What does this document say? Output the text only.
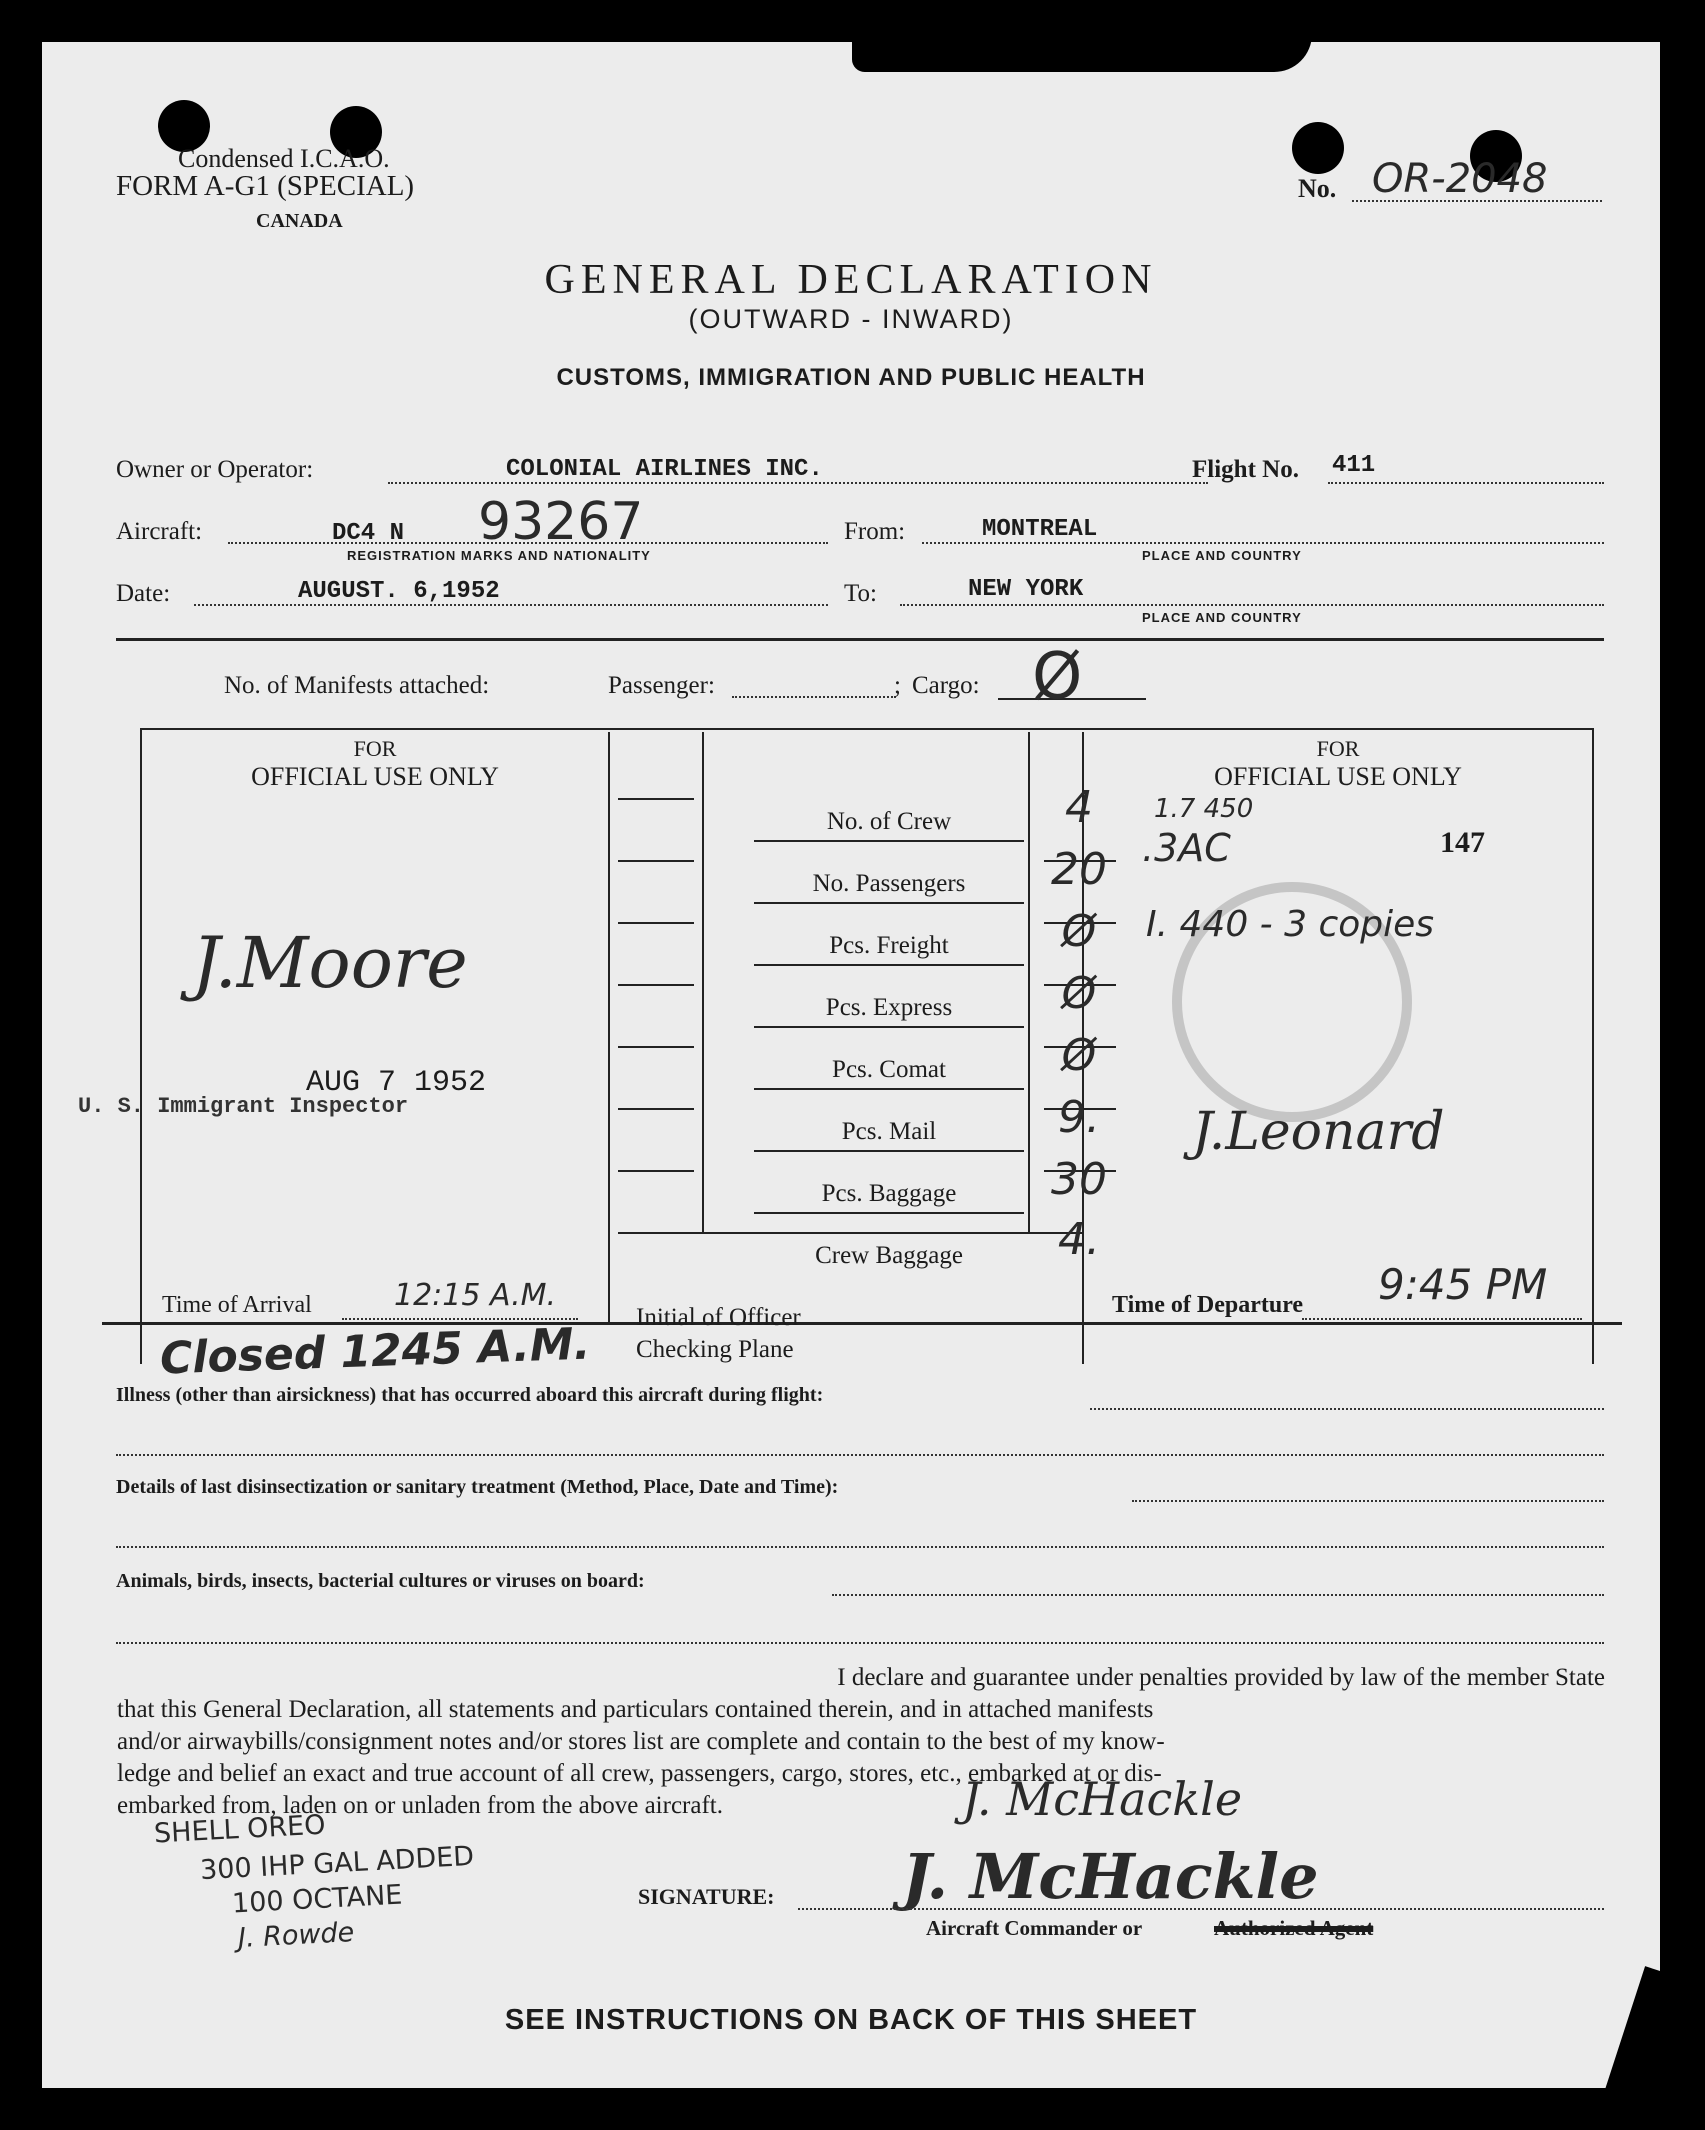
Condensed I.C.A.O.
FORM A-G1 (SPECIAL)
CANADA
No. OR-2048
GENERAL DECLARATION
(OUTWARD - INWARD)
CUSTOMS, IMMIGRATION AND PUBLIC HEALTH
Owner or Operator:	COLONIAL AIRLINES INC.	Flight No. 411
Aircraft:	DC4 N 93267
REGISTRATION MARKS AND NATIONALITY
From:	MONTREAL
PLACE AND COUNTRY
Date:	AUGUST. 6,1952	To:	NEW YORK
PLACE AND COUNTRY
No. of Manifests attached:	Passenger:	; Cargo: Ø
FOR
OFFICIAL USE ONLY
J.Moore
AUG 7 1952
U. S. Immigrant Inspector
Time of Arrival	12:15 A.M.
No. of Crew	4
No. Passengers	20
Pcs. Freight	Ø
Pcs. Express	Ø
Pcs. Comat	Ø
Pcs. Mail	9.
Pcs. Baggage	30
Crew Baggage	4.
Initial of Officer
Checking Plane
FOR
OFFICIAL USE ONLY
1.7 450
.3AC	147
I. 440 - 3 copies
J.Leonard
Time of Departure 9:45 PM
Closed 1245 A.M.
Illness (other than airsickness) that has occurred aboard this aircraft during flight:
Details of last disinsectization or sanitary treatment (Method, Place, Date and Time):
Animals, birds, insects, bacterial cultures or viruses on board:
I declare and guarantee under penalties provided by law of the member State
that this General Declaration, all statements and particulars contained therein, and in attached manifests
and/or airwaybills/consignment notes and/or stores list are complete and contain to the best of my know-
ledge and belief an exact and true account of all crew, passengers, cargo, stores, etc., embarked at or dis-
embarked from, laden on or unladen from the above aircraft.	J. McHackle
J. McHackle
SIGNATURE:
Aircraft Commander or	Authorized Agent
SHELL OREO
300 IHP GAL ADDED
100 OCTANE
J. Rowde
SEE INSTRUCTIONS ON BACK OF THIS SHEET
